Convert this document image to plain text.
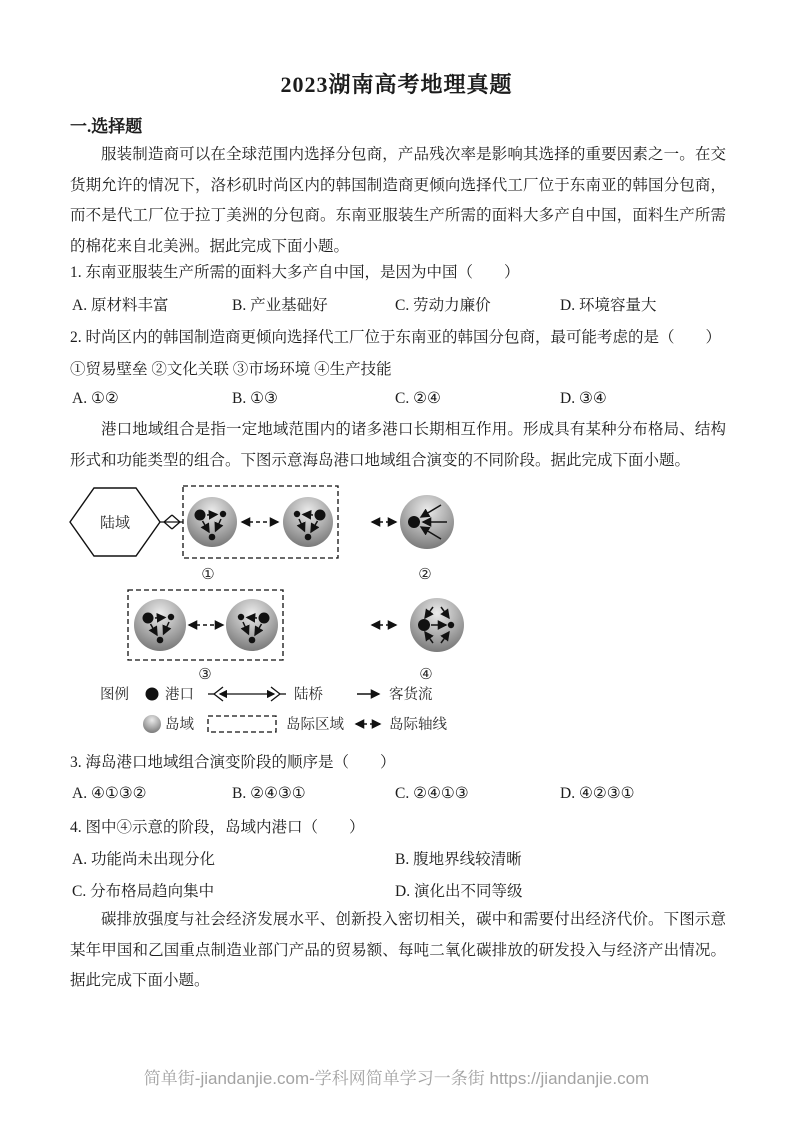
2023湖南高考地理真题
一.选择题
服装制造商可以在全球范围内选择分包商，产品残次率是影响其选择的重要因素之一。在交货期允许的情况下，洛杉矶时尚区内的韩国制造商更倾向选择代工厂位于东南亚的韩国分包商，而不是代工厂位于拉丁美洲的分包商。东南亚服装生产所需的面料大多产自中国，面料生产所需的棉花来自北美洲。据此完成下面小题。
1. 东南亚服装生产所需的面料大多产自中国，是因为中国（　　）
A. 原材料丰富	B. 产业基础好	C. 劳动力廉价	D. 环境容量大
2. 时尚区内的韩国制造商更倾向选择代工厂位于东南亚的韩国分包商，最可能考虑的是（　　）
①贸易壁垒 ②文化关联 ③市场环境 ④生产技能
A. ①②	B. ①③	C. ②④	D. ③④
港口地域组合是指一定地域范围内的诸多港口长期相互作用。形成具有某种分布格局、结构形式和功能类型的组合。下图示意海岛港口地域组合演变的不同阶段。据此完成下面小题。
陆域
①	②
③	④
图例 港口	陆桥	客货流
岛域	岛际区域	岛际轴线
3. 海岛港口地域组合演变阶段的顺序是（　　）
A. ④①③②	B. ②④③①	C. ②④①③	D. ④②③①
4. 图中④示意的阶段，岛域内港口（　　）
A. 功能尚未出现分化	B. 腹地界线较清晰
C. 分布格局趋向集中	D. 演化出不同等级
碳排放强度与社会经济发展水平、创新投入密切相关，碳中和需要付出经济代价。下图示意某年甲国和乙国重点制造业部门产品的贸易额、每吨二氧化碳排放的研发投入与经济产出情况。据此完成下面小题。
简单街-jiandanjie.com-学科网简单学习一条街 https://jiandanjie.com
